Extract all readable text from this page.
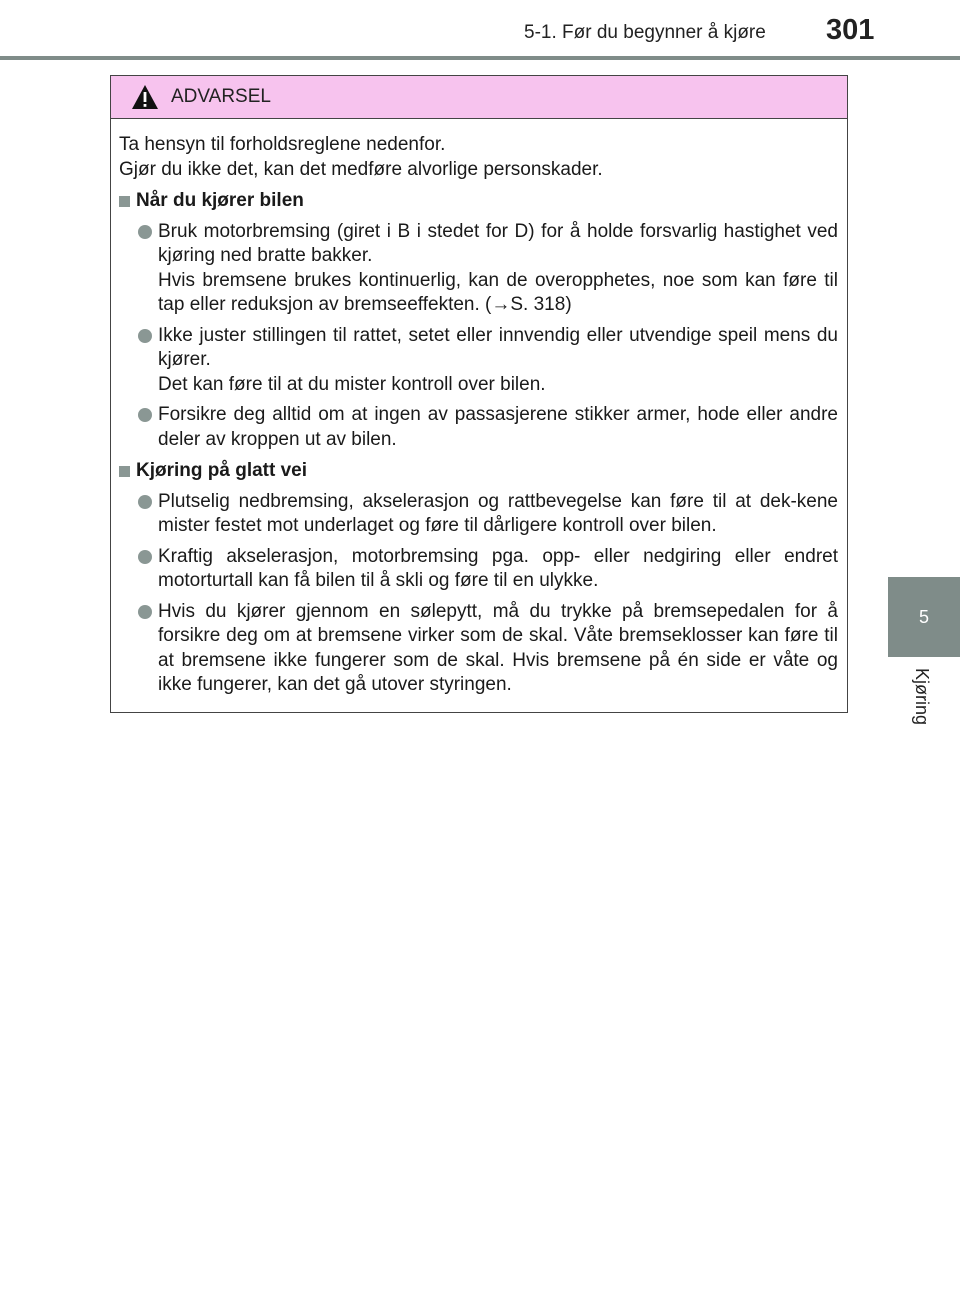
5-1. Før du begynner å kjøre 301
5
Kjøring
ADVARSEL

Ta hensyn til forholdsreglene nedenfor.

Gjør du ikke det, kan det medføre alvorlige personskader.

Når du kjører bilen

Bruk motorbremsing (giret i B i stedet for D) for å holde forsvarlig hastighet ved kjøring ned bratte bakker.

Hvis bremsene brukes kontinuerlig, kan de overopphetes, noe som kan føre til tap eller reduksjon av bremseeffekten. (→S. 318)

Ikke juster stillingen til rattet, setet eller innvendig eller utvendige speil mens du kjører.

Det kan føre til at du mister kontroll over bilen.

Forsikre deg alltid om at ingen av passasjerene stikker armer, hode eller andre deler av kroppen ut av bilen.

Kjøring på glatt vei

Plutselig nedbremsing, akselerasjon og rattbevegelse kan føre til at dek-kene mister festet mot underlaget og føre til dårligere kontroll over bilen.

Kraftig akselerasjon, motorbremsing pga. opp- eller nedgiring eller endret motorturtall kan få bilen til å skli og føre til en ulykke.

Hvis du kjører gjennom en sølepytt, må du trykke på bremsepedalen for å forsikre deg om at bremsene virker som de skal. Våte bremseklosser kan føre til at bremsene ikke fungerer som de skal. Hvis bremsene på én side er våte og ikke fungerer, kan det gå utover styringen.
